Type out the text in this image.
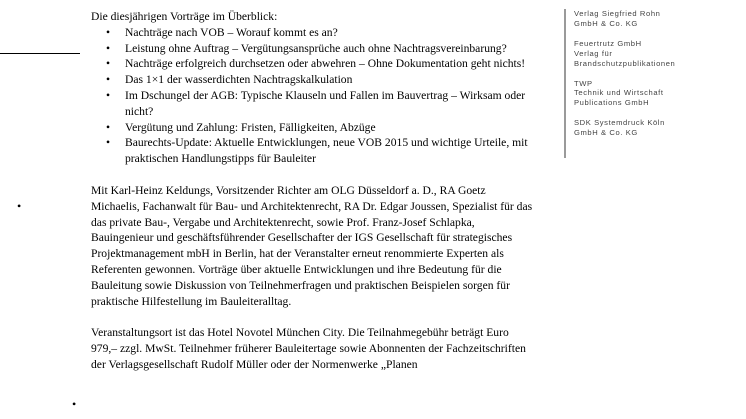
•
•

Die diesjährigen Vorträge im Überblick:

• Nachträge nach VOB – Worauf kommt es an?
• Leistung ohne Auftrag – Vergütungsansprüche auch ohne Nachtragsvereinbarung?
• Nachträge erfolgreich durchsetzen oder abwehren – Ohne Dokumentation geht nichts!
• Das 1×1 der wasserdichten Nachtragskalkulation
• Im Dschungel der AGB: Typische Klauseln und Fallen im Bauvertrag – Wirksam oder nicht?
• Vergütung und Zahlung: Fristen, Fälligkeiten, Abzüge
• Baurechts-Update: Aktuelle Entwicklungen, neue VOB 2015 und wichtige Urteile, mit praktischen Handlungstipps für Bauleiter

Mit Karl-Heinz Keldungs, Vorsitzender Richter am OLG Düsseldorf a. D., RA Goetz Michaelis, Fachanwalt für Bau- und Architektenrecht, RA Dr. Edgar Joussen, Spezialist für das das private Bau-, Vergabe und Architektenrecht, sowie Prof. Franz-Josef Schlapka, Bauingenieur und geschäftsführender Gesellschafter der IGS Gesellschaft für strategisches Projektmanagement mbH in Berlin, hat der Veranstalter erneut renommierte Experten als Referenten gewonnen. Vorträge über aktuelle Entwicklungen und ihre Bedeutung für die Bauleitung sowie Diskussion von Teilnehmerfragen und praktischen Beispielen sorgen für praktische Hilfestellung im Bauleiteralltag.

Veranstaltungsort ist das Hotel Novotel München City. Die Teilnahmegebühr beträgt Euro 979,– zzgl. MwSt. Teilnehmer früherer Bauleitertage sowie Abonnenten der Fachzeitschriften der Verlagsgesellschaft Rudolf Müller oder der Normenwerke „Planen

Verlag Siegfried Rohn
GmbH & Co. KG
Feuertrutz GmbH
Verlag für
Brandschutzpublikationen
TWP
Technik und Wirtschaft
Publications GmbH
SDK Systemdruck Köln
GmbH & Co. KG
